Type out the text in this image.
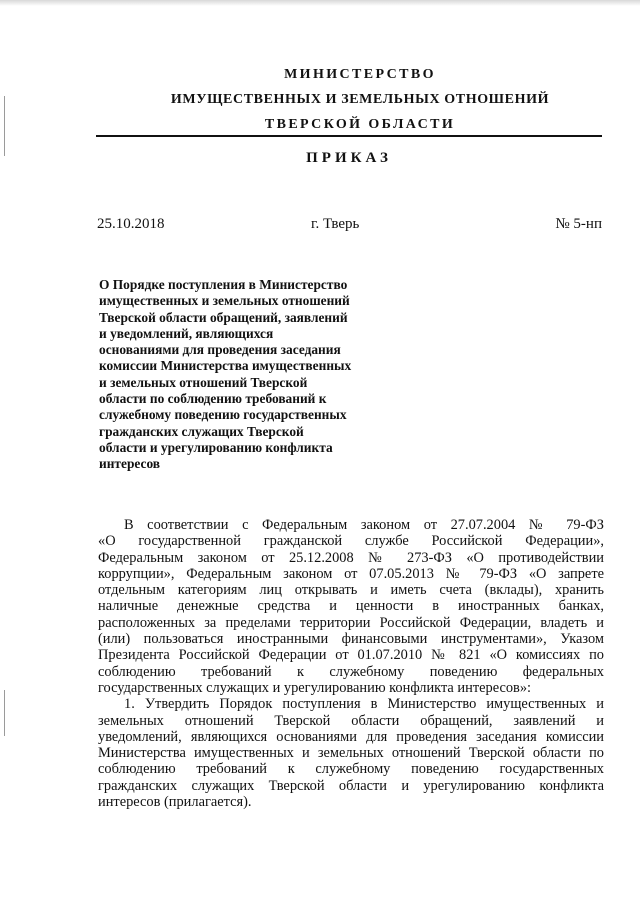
МИНИСТЕРСТВО
ИМУЩЕСТВЕННЫХ И ЗЕМЕЛЬНЫХ ОТНОШЕНИЙ
ТВЕРСКОЙ ОБЛАСТИ
ПРИКАЗ
25.10.2018	г. Тверь	№ 5-нп
О Порядке поступления в Министерство
имущественных и земельных отношений
Тверской области обращений, заявлений
и уведомлений, являющихся
основаниями для проведения заседания
комиссии Министерства имущественных
и земельных отношений Тверской
области по соблюдению требований к
служебному поведению государственных
гражданских служащих Тверской
области и урегулированию конфликта
интересов
В соответствии с Федеральным законом от 27.07.2004 № 79-ФЗ
«О государственной гражданской службе Российской Федерации»,
Федеральным законом от 25.12.2008 № 273-ФЗ «О противодействии
коррупции», Федеральным законом от 07.05.2013 № 79-ФЗ «О запрете
отдельным категориям лиц открывать и иметь счета (вклады), хранить
наличные денежные средства и ценности в иностранных банках,
расположенных за пределами территории Российской Федерации, владеть и
(или) пользоваться иностранными финансовыми инструментами», Указом
Президента Российской Федерации от 01.07.2010 № 821 «О комиссиях по
соблюдению требований к служебному поведению федеральных
государственных служащих и урегулированию конфликта интересов»:
1. Утвердить Порядок поступления в Министерство имущественных и
земельных отношений Тверской области обращений, заявлений и
уведомлений, являющихся основаниями для проведения заседания комиссии
Министерства имущественных и земельных отношений Тверской области по
соблюдению требований к служебному поведению государственных
гражданских служащих Тверской области и урегулированию конфликта
интересов (прилагается).
